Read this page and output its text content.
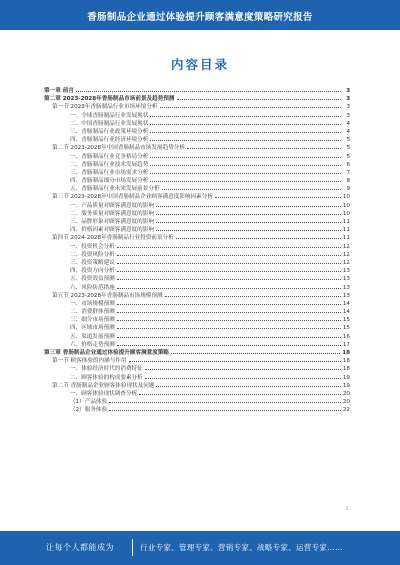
香肠制品企业通过体验提升顾客满意度策略研究报告
内容目录
第一章 前言	3
第二章 2023-2028年香肠制品市场前景及趋势预测	3
第一节 2023年香肠制品行业市场环境分析	3
一、全球香肠制品行业发展现状	3
二、中国香肠制品行业发展现状	4
三、香肠制品行业政策环境分析	4
四、香肠制品行业经济环境分析	5
第二节 2023-2028年中国香肠制品市场发展趋势分析	5
一、香肠制品行业竞争格局分析	5
二、香肠制品行业技术发展趋势	6
三、香肠制品行业市场需求分析	7
四、香肠制品细分市场发展分析	8
五、香肠制品行业未来发展前景分析	9
第三节 2023-2028年中国香肠制品企业顾客满意度影响因素分析	10
一、产品质量对顾客满意度的影响	10
二、服务质量对顾客满意度的影响	10
三、品牌形象对顾客满意度的影响	11
四、价格因素对顾客满意度的影响	11
第四节 2024-2028年香肠制品行业投资前景分析	11
一、投资机会分析	12
二、投资风险分析	12
三、投资策略建议	12
四、投资方向分析	13
五、投资效益预测	13
六、风险防范措施	13
第五节 2023-2028年香肠制品市场规模预测	13
一、市场规模预测	14
二、消费群体预测	14
三、细分市场预测	15
四、区域市场预测	15
五、渠道发展预测	16
六、价格走势预测	17
第三章 香肠制品企业通过体验提升顾客满意度策略	18
第一节 顾客体验的内涵与作用	18
一、体验经济时代的消费特征	18
二、顾客体验的构成要素分析	19
第二节 香肠制品企业顾客体验现状及问题	19
一、顾客体验现状调查分析	20
（1）产品体验	20
（2）服务体验	22
2
让每个人都能成为	行业专家、管理专家、营销专家、战略专家、运营专家……
